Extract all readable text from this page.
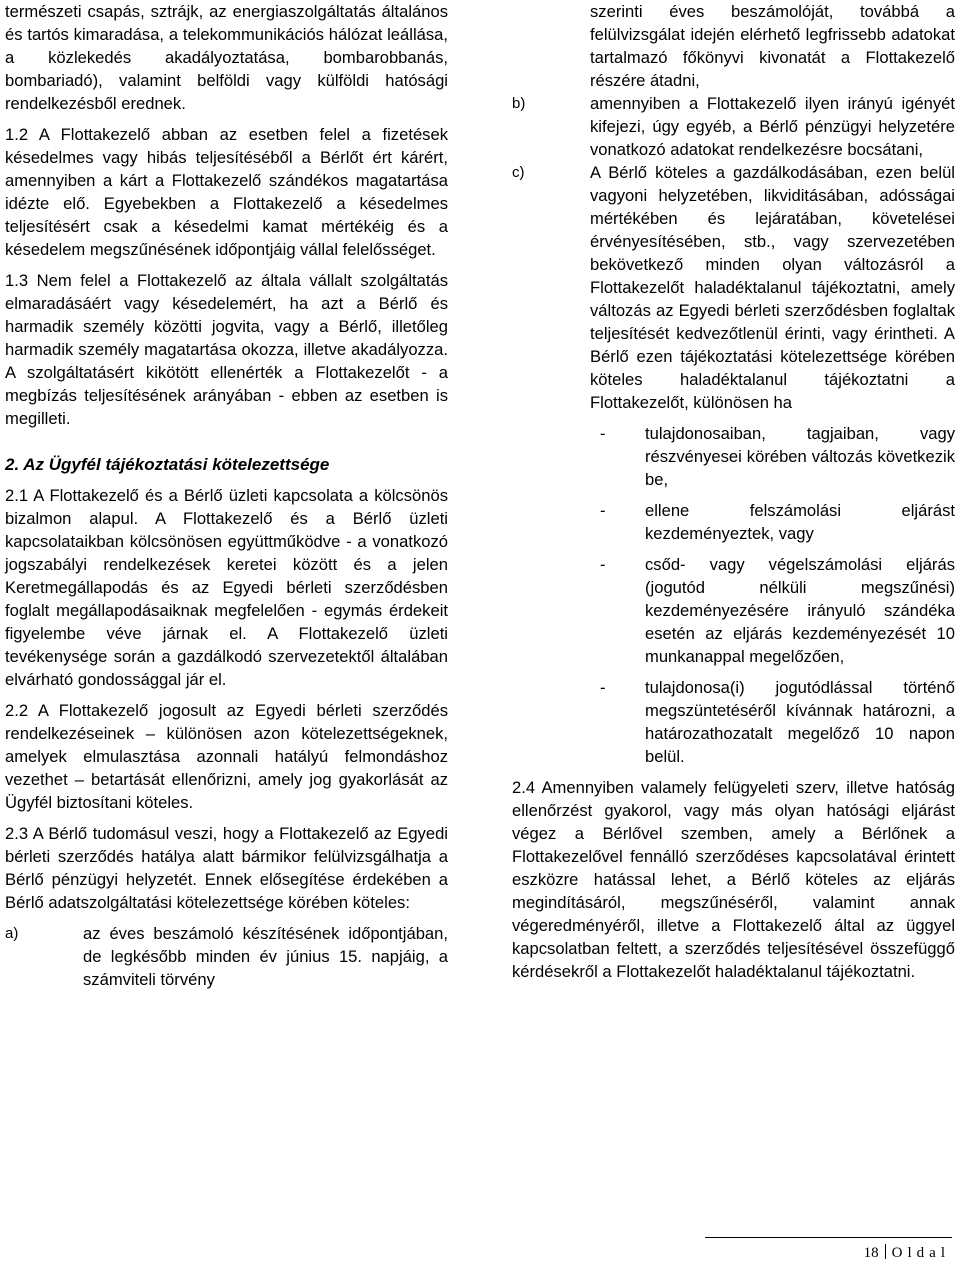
természeti csapás, sztrájk, az energiaszolgáltatás általános és tartós kimaradása, a telekommunikációs hálózat leállása, a közlekedés akadályoztatása, bombarobbanás, bombariadó), valamint belföldi vagy külföldi hatósági rendelkezésből erednek.

1.2 A Flottakezelő abban az esetben felel a fizetések késedelmes vagy hibás teljesítéséből a Bérlőt ért kárért, amennyiben a kárt a Flottakezelő szándékos magatartása idézte elő. Egyebekben a Flottakezelő a késedelmes teljesítésért csak a késedelmi kamat mértékéig és a késedelem megszűnésének időpontjáig vállal felelősséget.

1.3 Nem felel a Flottakezelő az általa vállalt szolgáltatás elmaradásáért vagy késedelemért, ha azt a Bérlő és harmadik személy közötti jogvita, vagy a Bérlő, illetőleg harmadik személy magatartása okozza, illetve akadályozza. A szolgáltatásért kikötött ellenérték a Flottakezelőt - a megbízás teljesítésének arányában - ebben az esetben is megilleti.

2. Az Ügyfél tájékoztatási kötelezettsége

2.1 A Flottakezelő és a Bérlő üzleti kapcsolata a kölcsönös bizalmon alapul. A Flottakezelő és a Bérlő üzleti kapcsolataikban kölcsönösen együttműködve - a vonatkozó jogszabályi rendelkezések keretei között és a jelen Keretmegállapodás és az Egyedi bérleti szerződésben foglalt megállapodásaiknak megfelelően - egymás érdekeit figyelembe véve járnak el. A Flottakezelő üzleti tevékenysége során a gazdálkodó szervezetektől általában elvárható gondossággal jár el.

2.2 A Flottakezelő jogosult az Egyedi bérleti szerződés rendelkezéseinek – különösen azon kötelezettségeknek, amelyek elmulasztása azonnali hatályú felmondáshoz vezethet – betartását ellenőrizni, amely jog gyakorlását az Ügyfél biztosítani köteles.

2.3 A Bérlő tudomásul veszi, hogy a Flottakezelő az Egyedi bérleti szerződés hatálya alatt bármikor felülvizsgálhatja a Bérlő pénzügyi helyzetét. Ennek elősegítése érdekében a Bérlő adatszolgáltatási kötelezettsége körében köteles:

a)	az éves beszámoló készítésének időpontjában, de legkésőbb minden év június 15. napjáig, a számviteli törvény
szerinti éves beszámolóját, továbbá a felülvizsgálat idején elérhető legfrissebb adatokat tartalmazó főkönyvi kivonatát a Flottakezelő részére átadni,
b)	amennyiben a Flottakezelő ilyen irányú igényét kifejezi, úgy egyéb, a Bérlő pénzügyi helyzetére vonatkozó adatokat rendelkezésre bocsátani,
c)	A Bérlő köteles a gazdálkodásában, ezen belül vagyoni helyzetében, likviditásában, adósságai mértékében és lejáratában, követelései érvényesítésében, stb., vagy szervezetében bekövetkező minden olyan változásról a Flottakezelőt haladéktalanul tájékoztatni, amely változás az Egyedi bérleti szerződésben foglaltak teljesítését kedvezőtlenül érinti, vagy érintheti. A Bérlő ezen tájékoztatási kötelezettsége körében köteles haladéktalanul tájékoztatni a Flottakezelőt, különösen ha
-	tulajdonosaiban, tagjaiban, vagy részvényesei körében változás következik be,
-	ellene felszámolási eljárást kezdeményeztek, vagy
-	csőd- vagy végelszámolási eljárás (jogutód nélküli megszűnési) kezdeményezésére irányuló szándéka esetén az eljárás kezdeményezését 10 munkanappal megelőzően,
-	tulajdonosa(i) jogutódlással történő megszüntetéséről kívánnak határozni, a határozathozatalt megelőző 10 napon belül.

2.4 Amennyiben valamely felügyeleti szerv, illetve hatóság ellenőrzést gyakorol, vagy más olyan hatósági eljárást végez a Bérlővel szemben, amely a Bérlőnek a Flottakezelővel fennálló szerződéses kapcsolatával érintett eszközre hatással lehet, a Bérlő köteles az eljárás megindításáról, megszűnéséről, valamint annak végeredményéről, illetve a Flottakezelő által az üggyel kapcsolatban feltett, a szerződés teljesítésével összefüggő kérdésekről a Flottakezelőt haladéktalanul tájékoztatni.

18 Oldal
